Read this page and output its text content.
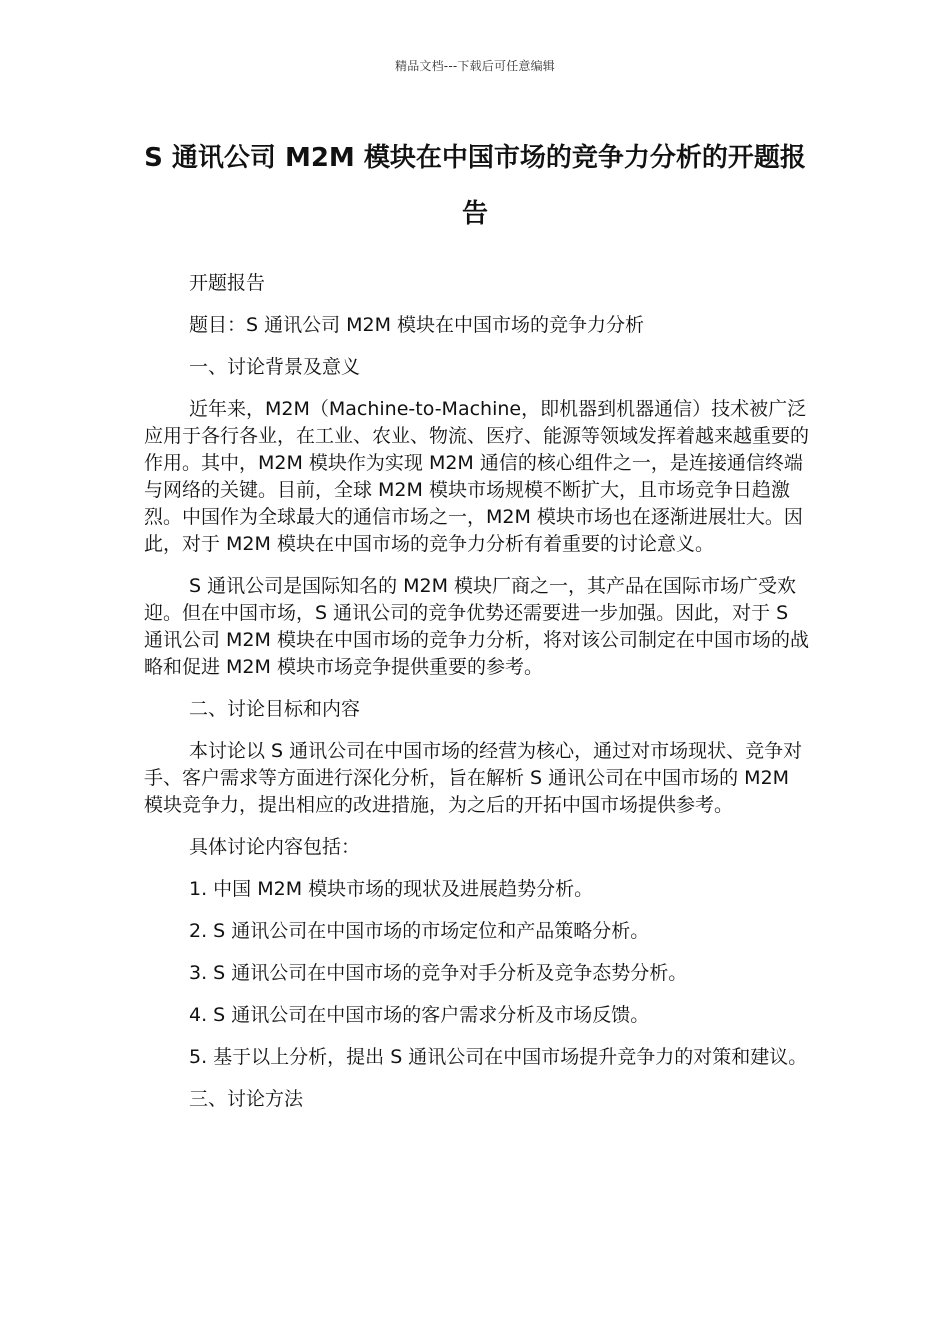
精品文档---下载后可任意编辑
S 通讯公司 M2M 模块在中国市场的竞争力分析的开题报告

开题报告

题目：S 通讯公司 M2M 模块在中国市场的竞争力分析

一、讨论背景及意义

近年来，M2M（Machine-to-Machine，即机器到机器通信）技术被广泛应用于各行各业，在工业、农业、物流、医疗、能源等领域发挥着越来越重要的作用。其中，M2M 模块作为实现 M2M 通信的核心组件之一，是连接通信终端与网络的关键。目前，全球 M2M 模块市场规模不断扩大，且市场竞争日趋激烈。中国作为全球最大的通信市场之一，M2M 模块市场也在逐渐进展壮大。因此，对于 M2M 模块在中国市场的竞争力分析有着重要的讨论意义。

S 通讯公司是国际知名的 M2M 模块厂商之一，其产品在国际市场广受欢迎。但在中国市场，S 通讯公司的竞争优势还需要进一步加强。因此，对于 S 通讯公司 M2M 模块在中国市场的竞争力分析，将对该公司制定在中国市场的战略和促进 M2M 模块市场竞争提供重要的参考。

二、讨论目标和内容

本讨论以 S 通讯公司在中国市场的经营为核心，通过对市场现状、竞争对手、客户需求等方面进行深化分析，旨在解析 S 通讯公司在中国市场的 M2M 模块竞争力，提出相应的改进措施，为之后的开拓中国市场提供参考。

具体讨论内容包括：

1. 中国 M2M 模块市场的现状及进展趋势分析。

2. S 通讯公司在中国市场的市场定位和产品策略分析。

3. S 通讯公司在中国市场的竞争对手分析及竞争态势分析。

4. S 通讯公司在中国市场的客户需求分析及市场反馈。

5. 基于以上分析，提出 S 通讯公司在中国市场提升竞争力的对策和建议。

三、讨论方法
